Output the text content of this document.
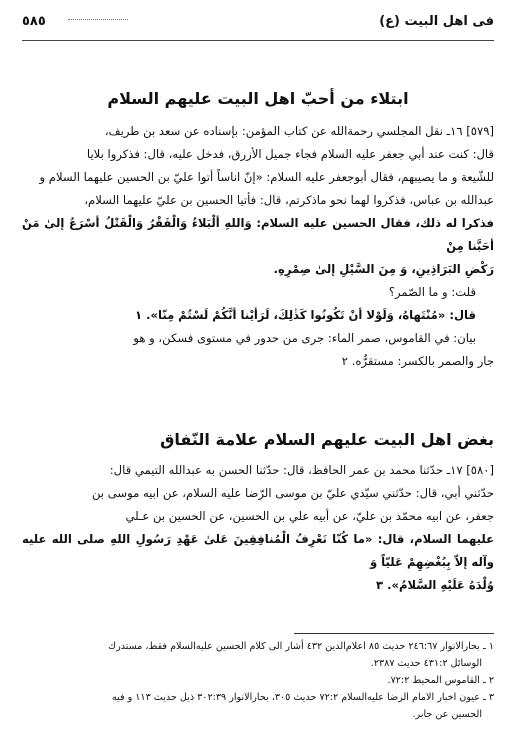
فی اهل البیت (ع)
٥٨٥
ابتلاء من أحبّ اهل البيت عليهم السلام

[٥٧٩] ١٦ـ نقل المجلسي رحمة‌الله عن كتاب المؤمن: بإسناده عن سعد بن طريف،

قال: كنت عند أبي جعفر عليه السلام فجاء جميل الأزرق، فدخل عليه، قال: فذكروا بلايا

للشّيعة و ما يصيبهم، فقال أبوجعفر عليه السلام: «إنّ اناساً أتوا عليّ بن الحسين عليهما السلام و

عبدالله بن عباس، فذكروا لهما نحو ماذكرتم، قال: فأتيا الحسين بن عليّ عليهما السلام،

فذكرا له ذلك، فقال الحسين عليه السلام: وَاللهِ ألْبَلاءُ وَالْفَقْرُ وَالْقَتْلُ أسْرَعُ إلىٰ مَنْ أحَبَّنا مِنْ

رَكْضِ البَرَاذِينِ، وَ مِنَ السَّيْلِ إلىٰ صِمْرِهِ.

قلت: و ما الصّمر؟

قال: «مُنْتَهاهُ، وَلَوْلا أنْ تَكُونُوا كَذٰلِكَ، لَرَأيْنا أنَّكُمْ لَسْتُمْ مِنّا». ١

بيان: في القاموس، صمر الماء: جرى من حدور في مستوى فسكن، و هو

جار والصمر بالكسر: مستقرُّه. ٢

بغض اهل البيت عليهم السلام علامة النّفاق

[٥٨٠] ١٧ـ حدّثنا محمد بن عمر الحافظ، قال: حدّثنا الحسن به عبدالله التيمي قال:

حدّثني أبي، قال: حدّثني سيّدي عليّ بن موسى الرّضا عليه السلام، عن ابيه موسى بن

جعفر، عن ابيه محمّد بن عليّ، عن أبيه علي بن الحسين، عن الحسين بن عـلي

عليهما السلام، قال: «ما كُنّا نَعْرِفُ الْمُنافِقِينَ عَلىٰ عَهْدِ رَسُولِ اللهِ صلى الله عليه وآله إلاّ بِبُغْضِهِمْ عَليّاً وَ

وُلْدَهُ عَلَيْهِ السَّلامُ». ٣

١ ـ بحارالانوار ٢٤٦:٦٧ حديث ٨٥ اعلام‌الدين ٤٣٢ أشار الى كلام الحسين عليه‌السلام فقط، مستدرك

الوسائل ٤٣١:٢ حديث ٢٣٨٧.

٢ ـ القاموس المحيط ٧٢:٢.

٣ ـ عيون اخبار الامام الرضا عليه‌السلام ٧٢:٢ حديث ٣٠٥، بحارالانوار ٣٠٢:٣٩ ذيل حديث ١١٣ و فيه

الحسين عن جابر.
